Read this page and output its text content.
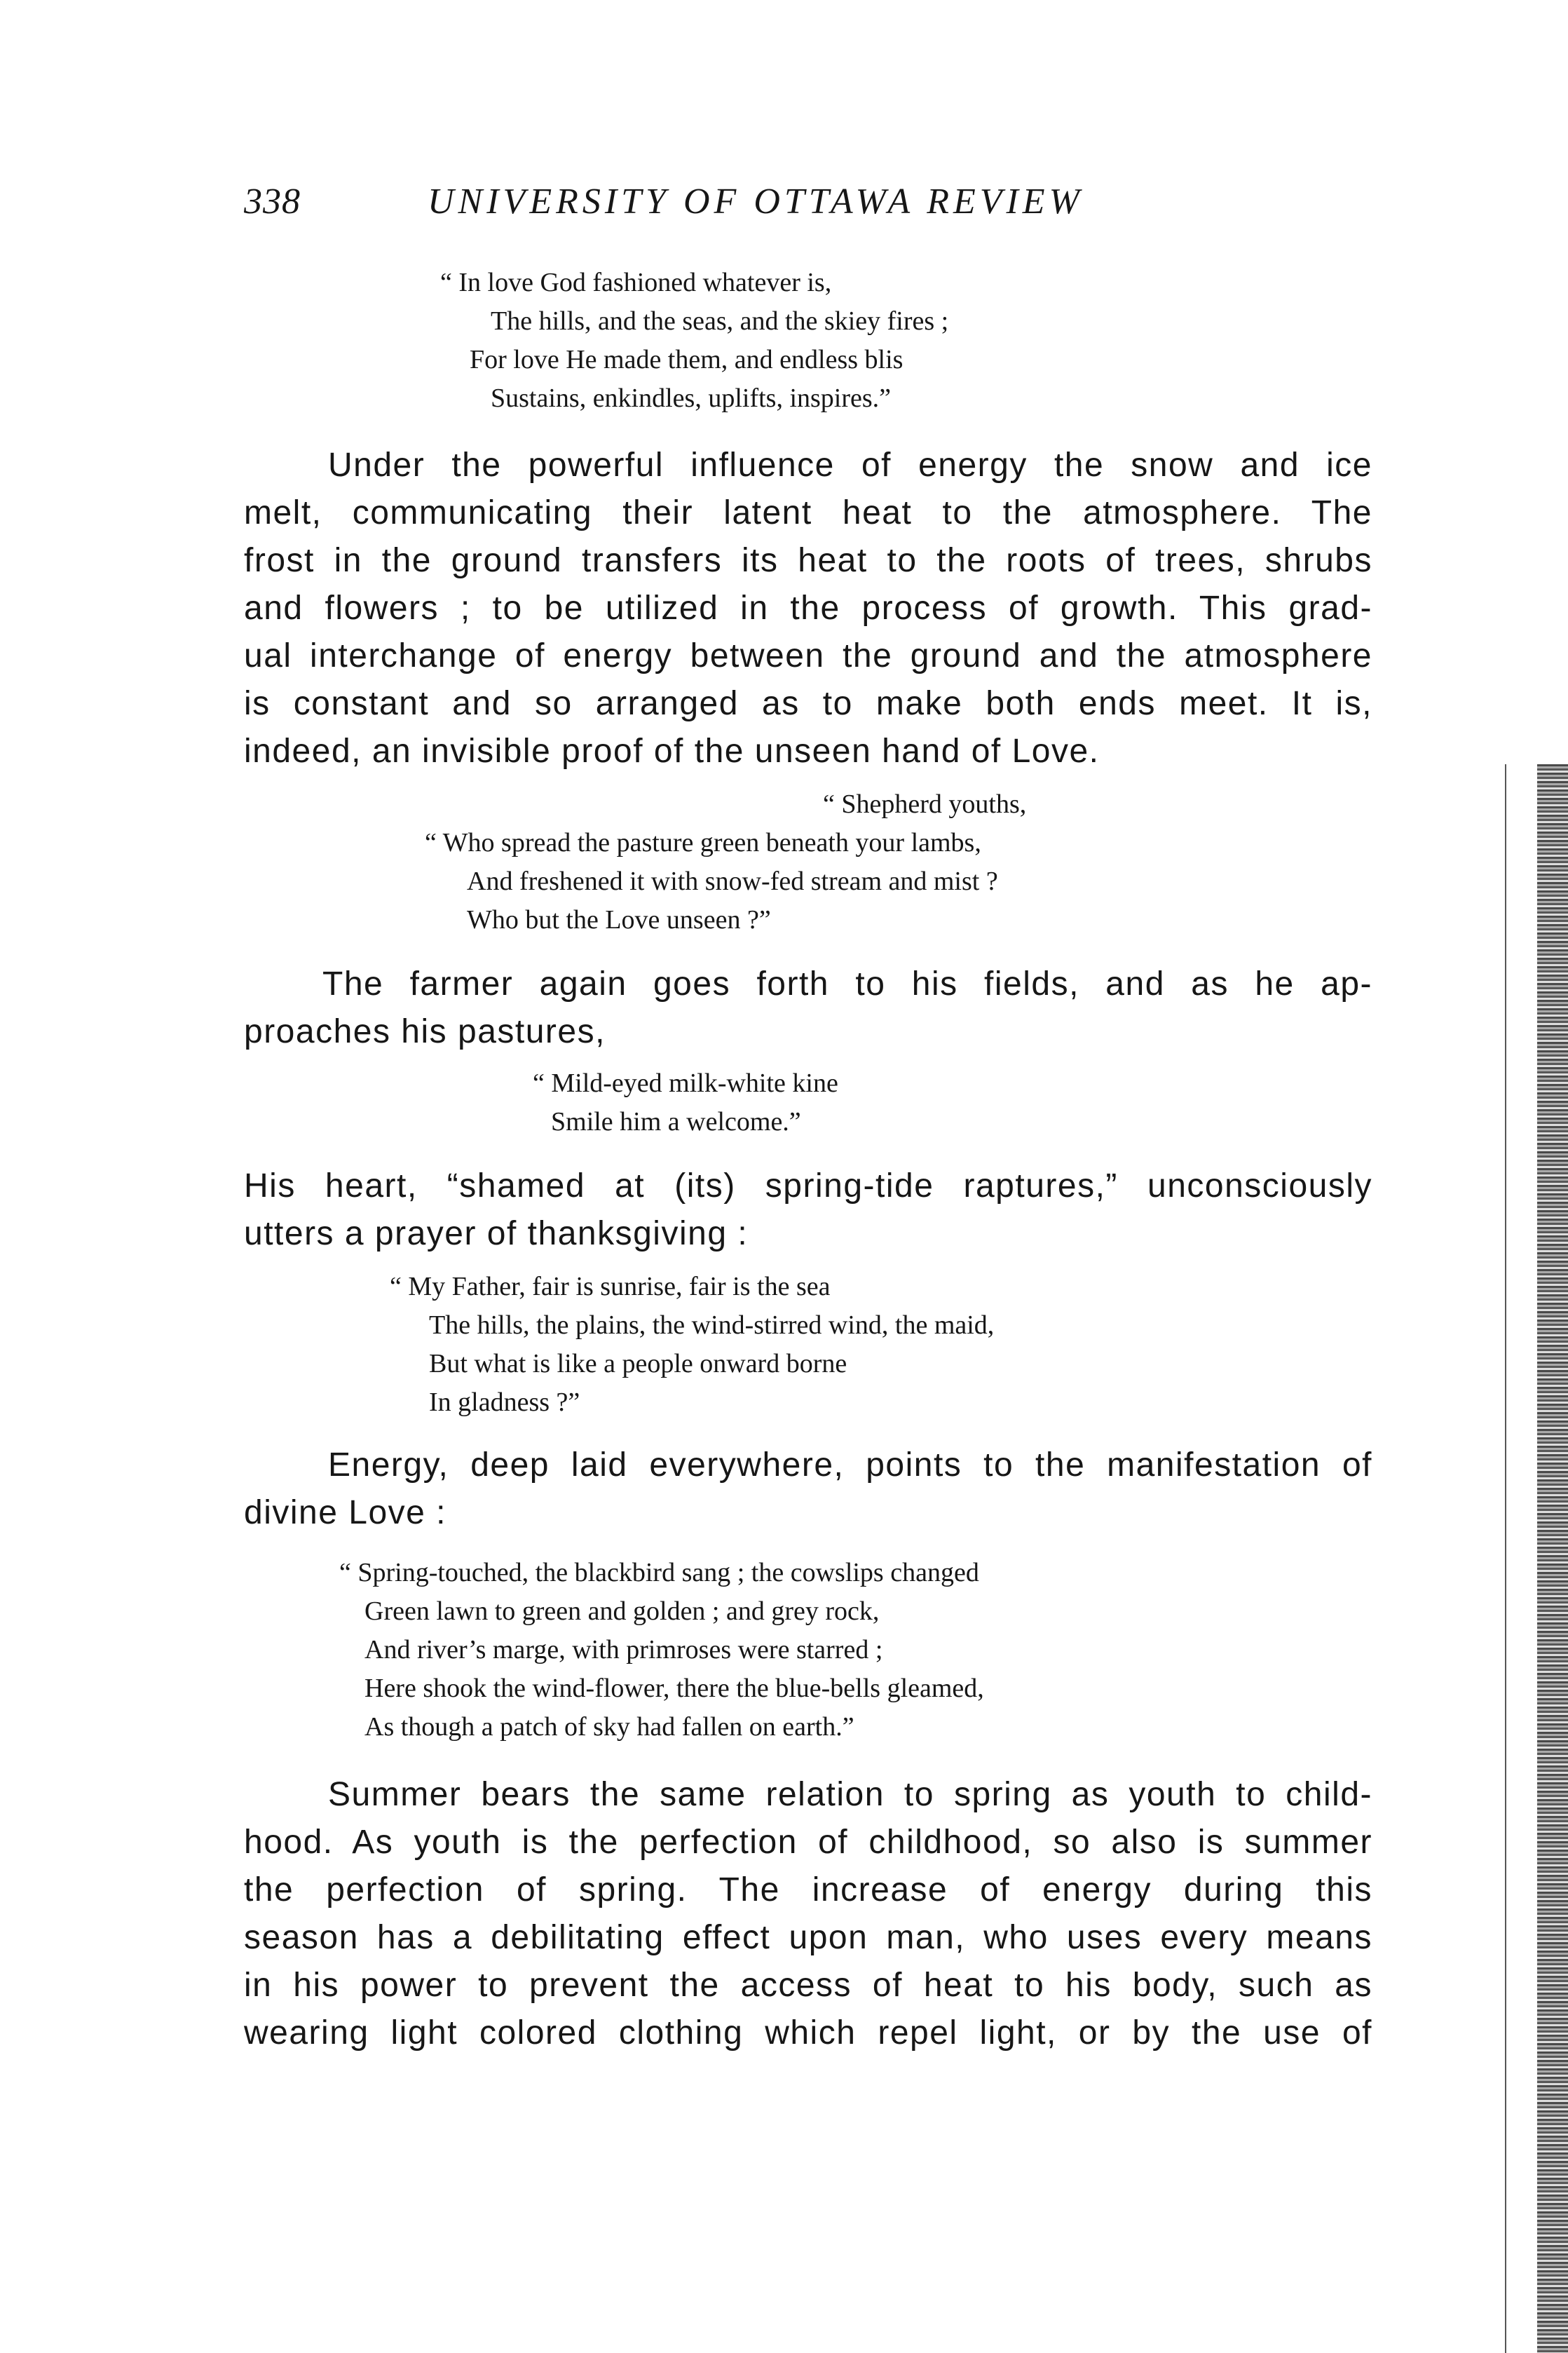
338	UNIVERSITY OF OTTAWA REVIEW
“ In love God fashioned whatever is,
The hills, and the seas, and the skiey fires ;
For love He made them, and endless blis
Sustains, enkindles, uplifts, inspires.”
Under the powerful influence of energy the snow and ice
melt, communicating their latent heat to the atmosphere. The
frost in the ground transfers its heat to the roots of trees, shrubs
and flowers ; to be utilized in the process of growth. This grad-
ual interchange of energy between the ground and the atmosphere
is constant and so arranged as to make both ends meet. It is,
indeed, an invisible proof of the unseen hand of Love.
“ Shepherd youths,
“ Who spread the pasture green beneath your lambs,
And freshened it with snow-fed stream and mist ?
Who but the Love unseen ?”
The farmer again goes forth to his fields, and as he ap-
proaches his pastures,
“ Mild-eyed milk-white kine
Smile him a welcome.”
His heart, “shamed at (its) spring-tide raptures,” unconsciously
utters a prayer of thanksgiving :
“ My Father, fair is sunrise, fair is the sea
The hills, the plains, the wind-stirred wind, the maid,
But what is like a people onward borne
In gladness ?”
Energy, deep laid everywhere, points to the manifestation of
divine Love :
“ Spring-touched, the blackbird sang ; the cowslips changed
Green lawn to green and golden ; and grey rock,
And river’s marge, with primroses were starred ;
Here shook the wind-flower, there the blue-bells gleamed,
As though a patch of sky had fallen on earth.”
Summer bears the same relation to spring as youth to child-
hood. As youth is the perfection of childhood, so also is summer
the perfection of spring. The increase of energy during this
season has a debilitating effect upon man, who uses every means
in his power to prevent the access of heat to his body, such as
wearing light colored clothing which repel light, or by the use of
